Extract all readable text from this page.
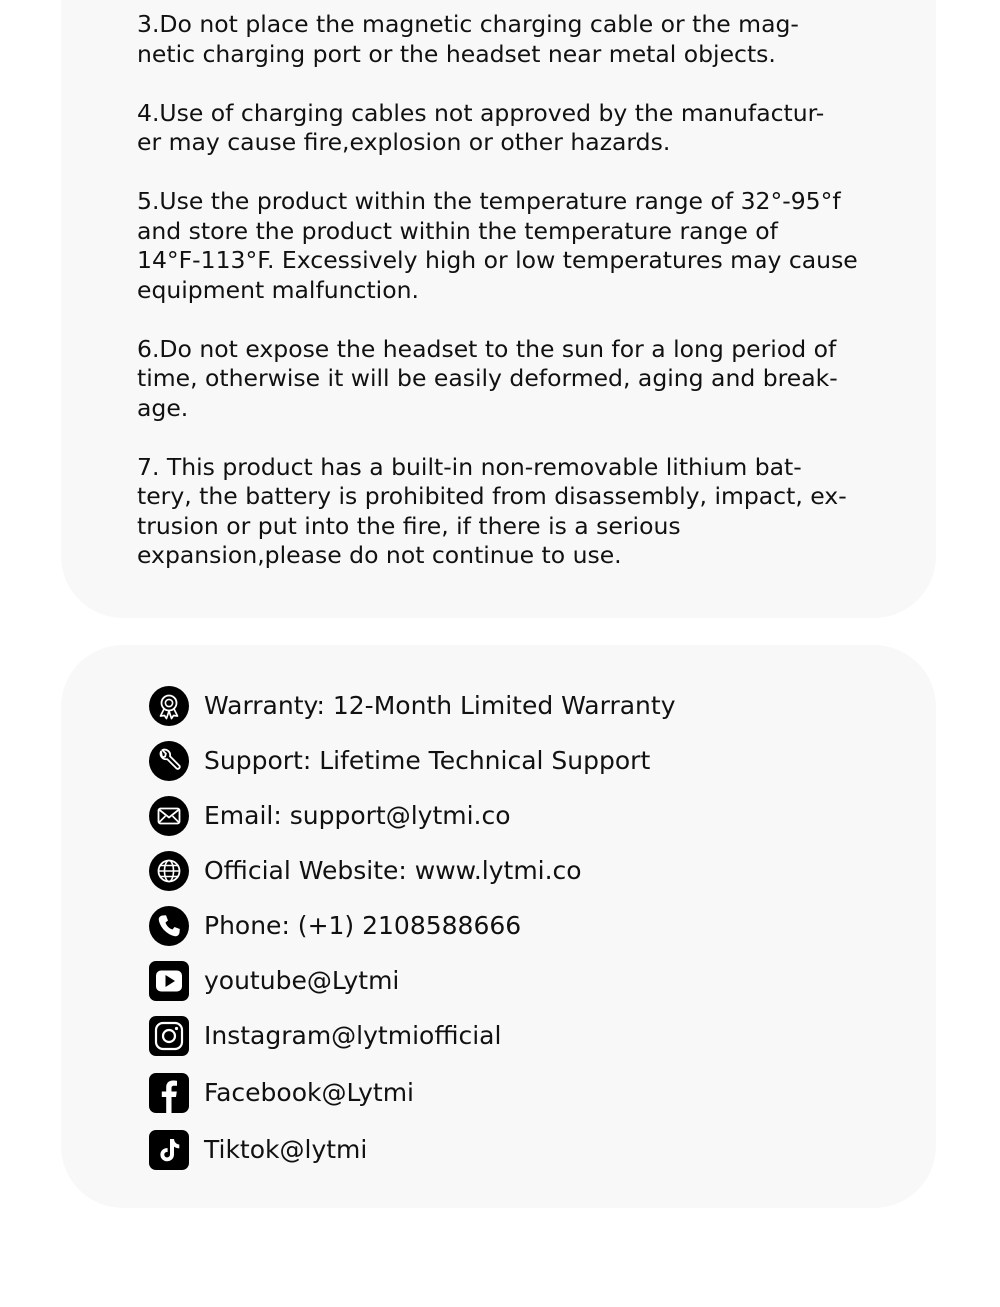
3.Do not place the magnetic charging cable or the mag-
netic charging port or the headset near metal objects.
4.Use of charging cables not approved by the manufactur-
er may cause fire,explosion or other hazards.
5.Use the product within the temperature range of 32°-95°f
and store the product within the temperature range of
14°F-113°F. Excessively high or low temperatures may cause
equipment malfunction.
6.Do not expose the headset to the sun for a long period of
time, otherwise it will be easily deformed, aging and break-
age.
7. This product has a built-in non-removable lithium bat-
tery, the battery is prohibited from disassembly, impact, ex-
trusion or put into the fire, if there is a serious
expansion,please do not continue to use.
Warranty: 12-Month Limited Warranty
Support: Lifetime Technical Support
Email: support@lytmi.co
Official Website: www.lytmi.co
Phone: (+1) 2108588666
youtube@Lytmi
Instagram@lytmiofficial
Facebook@Lytmi
Tiktok@lytmi
